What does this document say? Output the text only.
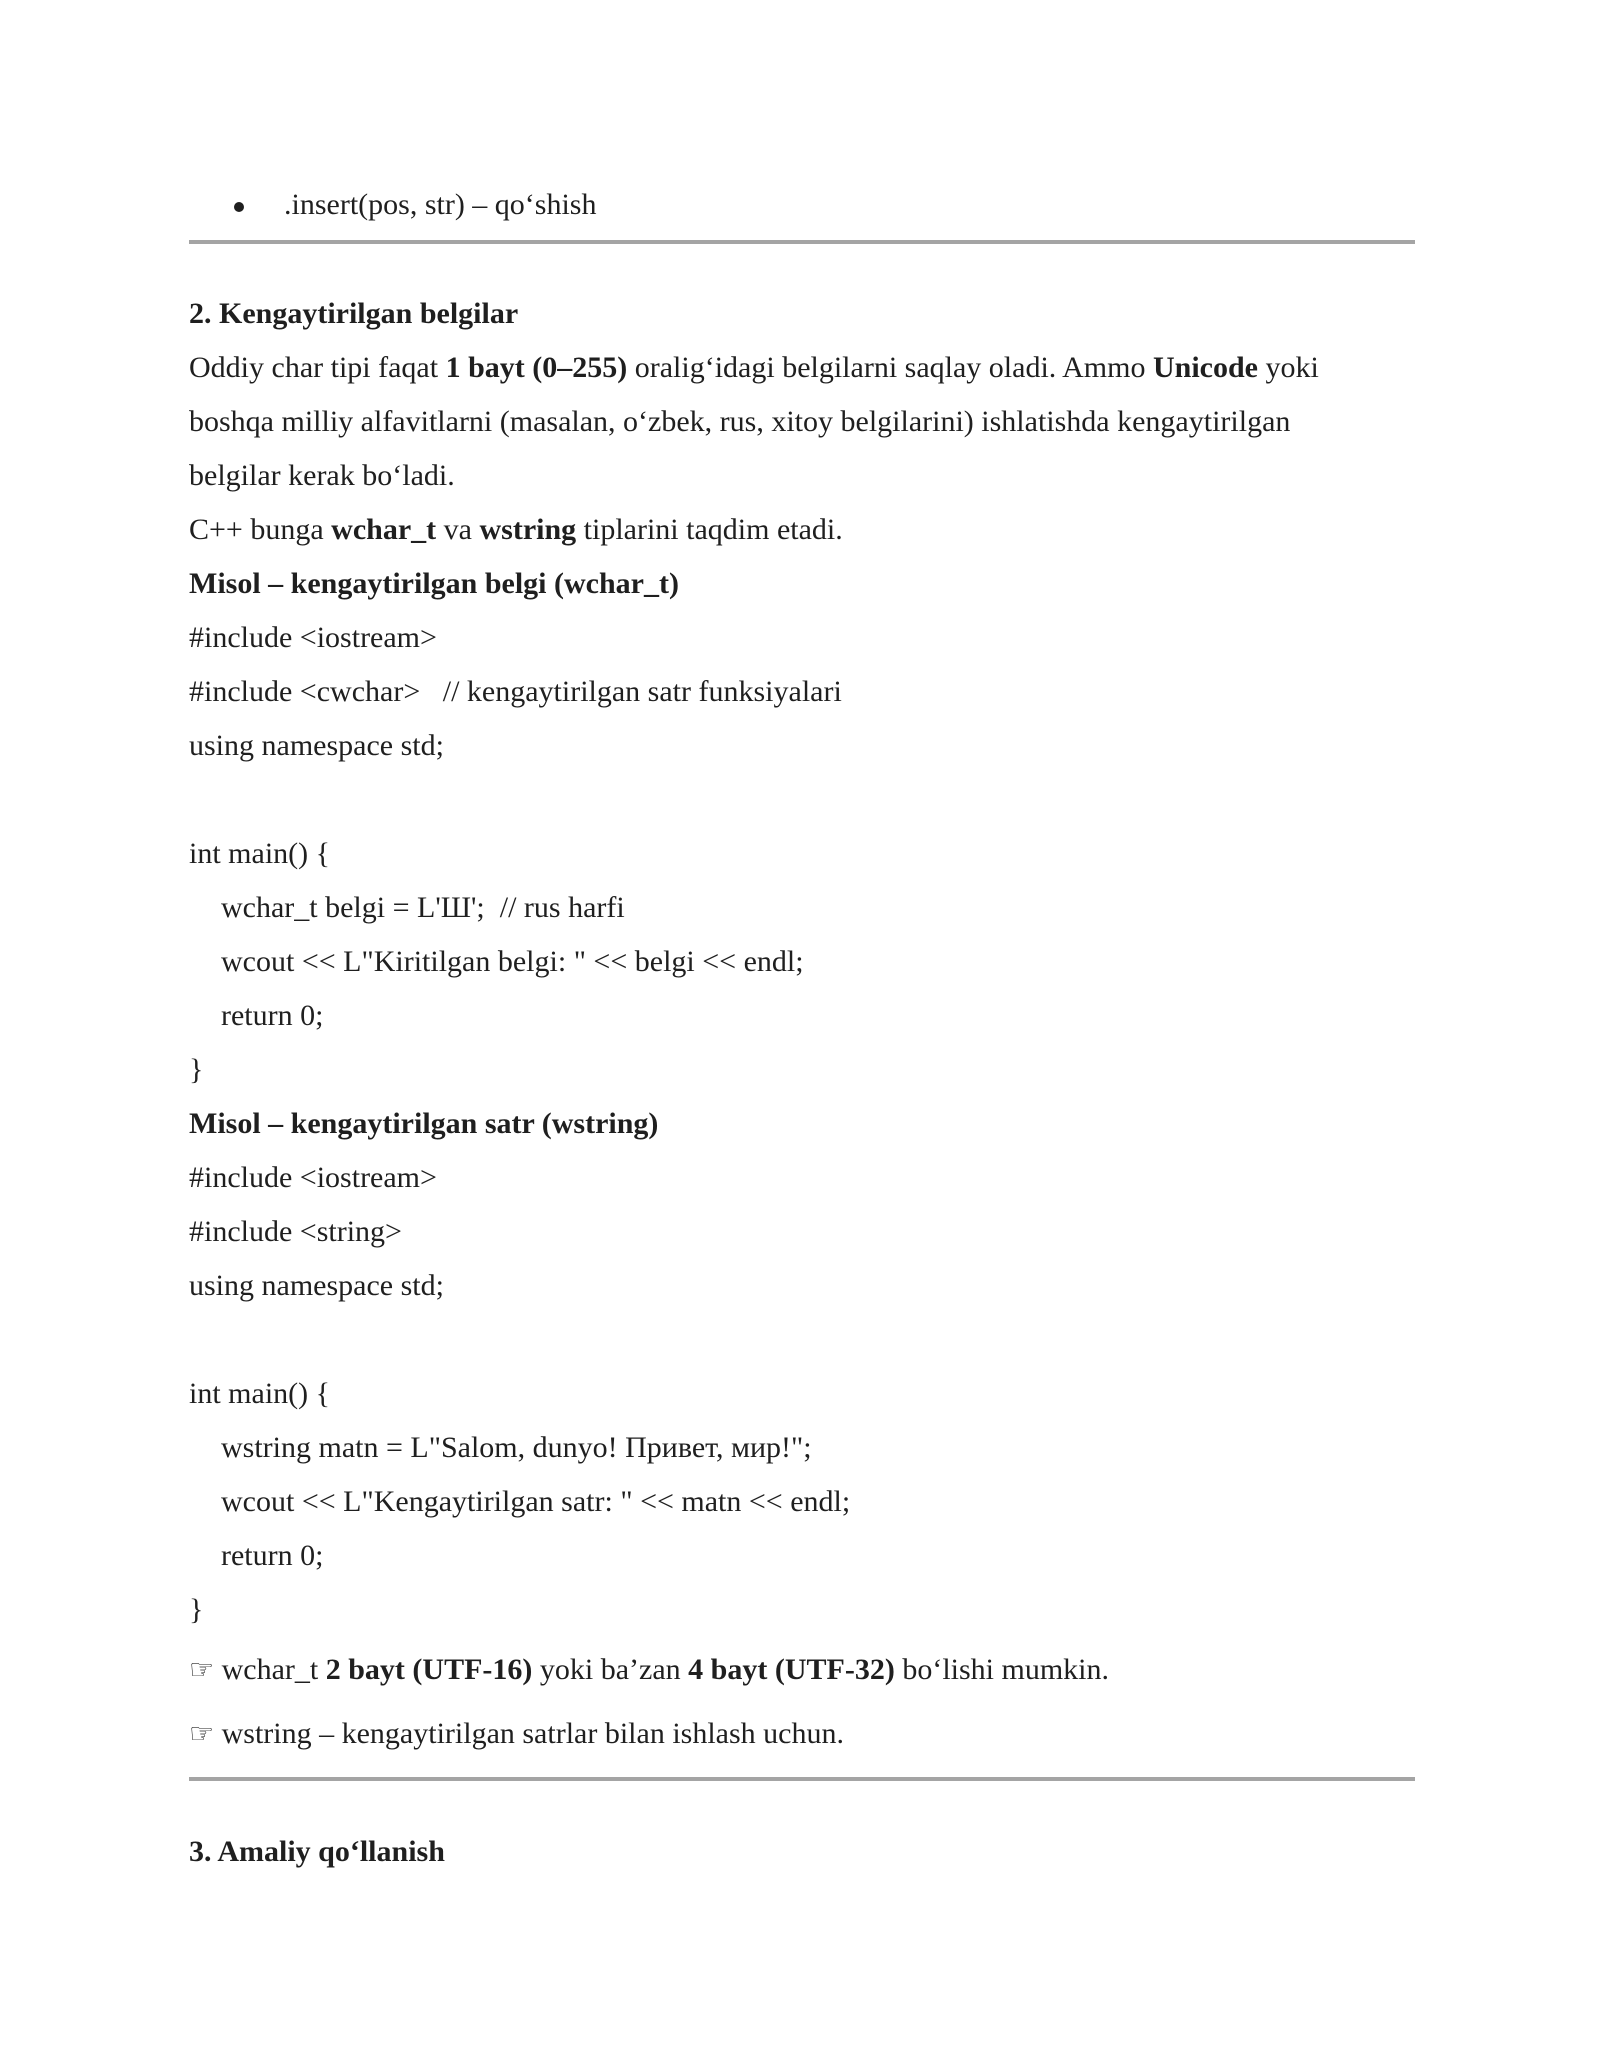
.insert(pos, str) – qo‘shish
2. Kengaytirilgan belgilar
Oddiy char tipi faqat 1 bayt (0–255) oralig‘idagi belgilarni saqlay oladi. Ammo Unicode yoki
boshqa milliy alfavitlarni (masalan, o‘zbek, rus, xitoy belgilarini) ishlatishda kengaytirilgan
belgilar kerak bo‘ladi.
C++ bunga wchar_t va wstring tiplarini taqdim etadi.
Misol – kengaytirilgan belgi (wchar_t)
#include <iostream>
#include <cwchar>   // kengaytirilgan satr funksiyalari
using namespace std;
int main() {
wchar_t belgi = L'Ш';  // rus harfi
wcout << L"Kiritilgan belgi: " << belgi << endl;
return 0;
}
Misol – kengaytirilgan satr (wstring)
#include <iostream>
#include <string>
using namespace std;
int main() {
wstring matn = L"Salom, dunyo! Привет, мир!";
wcout << L"Kengaytirilgan satr: " << matn << endl;
return 0;
}
☞ wchar_t 2 bayt (UTF-16) yoki ba’zan 4 bayt (UTF-32) bo‘lishi mumkin.
☞ wstring – kengaytirilgan satrlar bilan ishlash uchun.
3. Amaliy qo‘llanish
